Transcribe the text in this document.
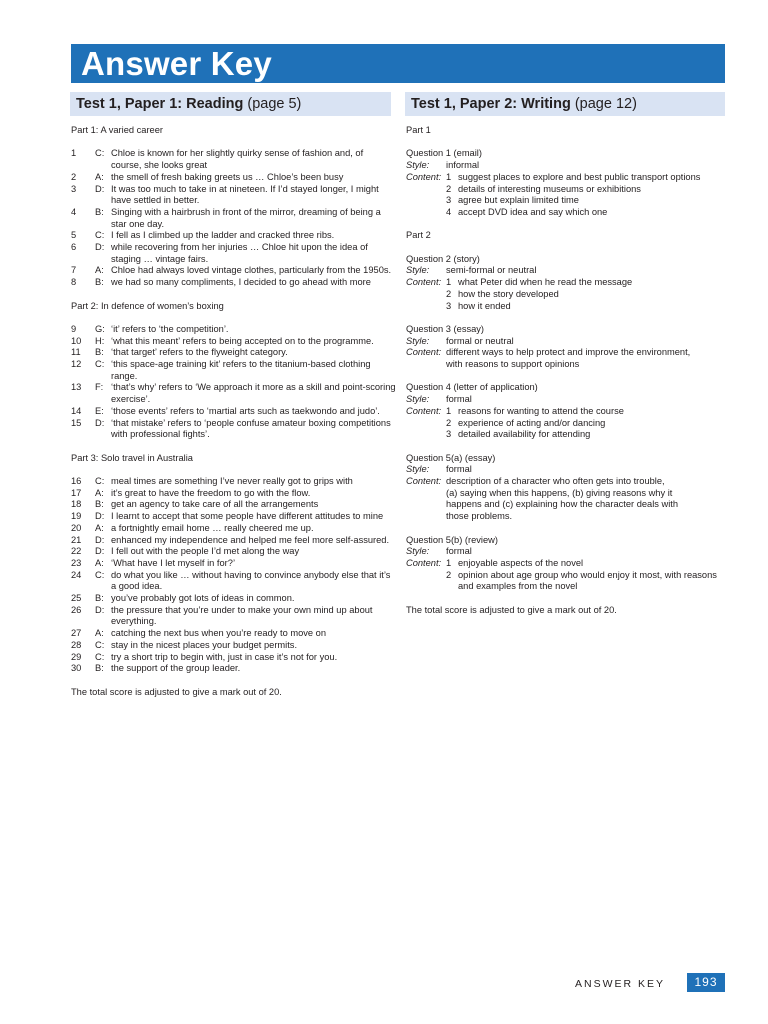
Answer Key
Test 1, Paper 1: Reading (page 5)	Test 1, Paper 2: Writing (page 12)
Part 1: A varied career
1	C: Chloe is known for her slightly quirky sense of fashion and, of course, she looks great
2	A: the smell of fresh baking greets us … Chloe’s been busy
3	D: It was too much to take in at nineteen. If I’d stayed longer, I might have settled in better.
4	B: Singing with a hairbrush in front of the mirror, dreaming of being a star one day.
5	C: I fell as I climbed up the ladder and cracked three ribs.
6	D: while recovering from her injuries … Chloe hit upon the idea of staging … vintage fairs.
7	A: Chloe had always loved vintage clothes, particularly from the 1950s.
8	B: we had so many compliments, I decided to go ahead with more
Part 2: In defence of women’s boxing
9	G: ‘it’ refers to ‘the competition’.
10	H: ‘what this meant’ refers to being accepted on to the programme.
11	B: ‘that target’ refers to the flyweight category.
12	C: ‘this space-age training kit’ refers to the titanium-based clothing range.
13	F: ‘that’s why’ refers to ‘We approach it more as a skill and point-scoring exercise’.
14	E: ‘those events’ refers to ‘martial arts such as taekwondo and judo’.
15	D: ‘that mistake’ refers to ‘people confuse amateur boxing competitions with professional fights’.
Part 3: Solo travel in Australia
16	C: meal times are something I’ve never really got to grips with
17	A: it’s great to have the freedom to go with the flow.
18	B: get an agency to take care of all the arrangements
19	D: I learnt to accept that some people have different attitudes to mine
20	A: a fortnightly email home … really cheered me up.
21	D: enhanced my independence and helped me feel more self-assured.
22	D: I fell out with the people I’d met along the way
23	A: ‘What have I let myself in for?’
24	C: do what you like … without having to convince anybody else that it’s a good idea.
25	B: you’ve probably got lots of ideas in common.
26	D: the pressure that you’re under to make your own mind up about everything.
27	A: catching the next bus when you’re ready to move on
28	C: stay in the nicest places your budget permits.
29	C: try a short trip to begin with, just in case it’s not for you.
30	B: the support of the group leader.
The total score is adjusted to give a mark out of 20.
Part 1
Question 1 (email)
Style:	informal
Content: 1 suggest places to explore and best public transport options
2 details of interesting museums or exhibitions
3 agree but explain limited time
4 accept DVD idea and say which one
Part 2
Question 2 (story)
Style:	semi-formal or neutral
Content: 1 what Peter did when he read the message
2 how the story developed
3 how it ended
Question 3 (essay)
Style:	formal or neutral
Content: different ways to help protect and improve the environment,
with reasons to support opinions
Question 4 (letter of application)
Style:	formal
Content: 1 reasons for wanting to attend the course
2 experience of acting and/or dancing
3 detailed availability for attending
Question 5(a) (essay)
Style:	formal
Content: description of a character who often gets into trouble,
(a) saying when this happens, (b) giving reasons why it
happens and (c) explaining how the character deals with
those problems.
Question 5(b) (review)
Style:	formal
Content: 1 enjoyable aspects of the novel
2 opinion about age group who would enjoy it most, with reasons and examples from the novel
The total score is adjusted to give a mark out of 20.
ANSWER KEY	193
